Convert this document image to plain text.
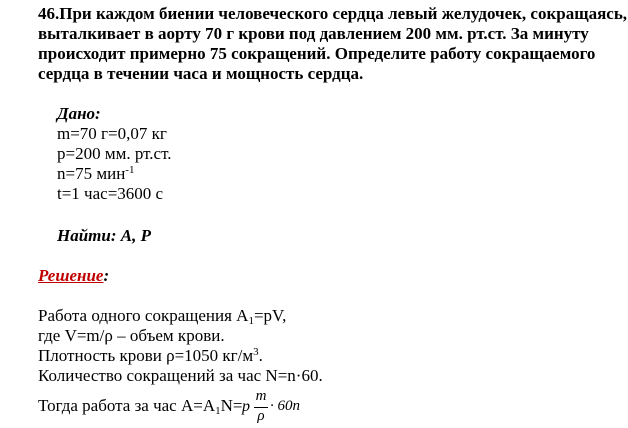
46.При каждом биении человеческого сердца левый желудочек, сокращаясь,
выталкивает в аорту 70 г крови под давлением 200 мм. рт.ст. За минуту
происходит примерно 75 сокращений. Определите работу сокращаемого
сердца в течении часа и мощность сердца.
Дано:
m=70 г=0,07 кг
р=200 мм. рт.ст.
n=75 мин$^{-1}$
t=1 час=3600 с
Найти: А, Р
Решение:
Работа одного сокращения $А_1=pV$,
где V=m/ρ – объем крови.
Плотность крови ρ=1050 $кг/м^3$.
Количество сокращений за час N=n·60.
Тогда работа за час $А=А_1N= p$
m
ρ
· 60n
